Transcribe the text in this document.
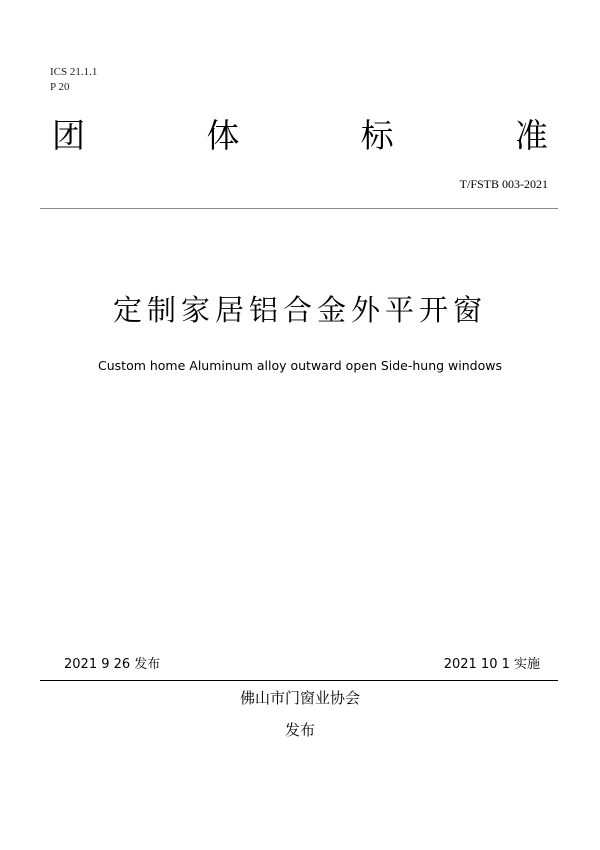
ICS 21.1.1
P 20
团	体	标	准
T/FSTB 003-2021
定制家居铝合金外平开窗
Custom home Aluminum alloy outward open Side-hung windows
2021 9 26 发布	2021 10 1 实施
佛山市门窗业协会
发布
